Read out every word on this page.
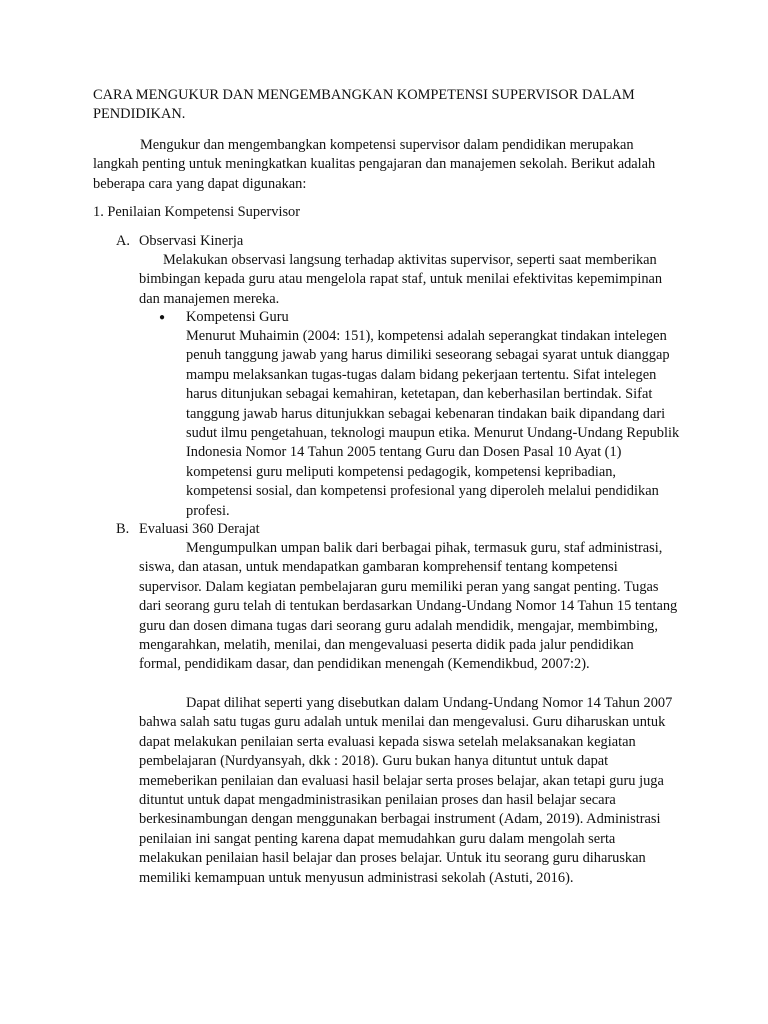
CARA MENGUKUR DAN MENGEMBANGKAN KOMPETENSI SUPERVISOR DALAM PENDIDIKAN.

Mengukur dan mengembangkan kompetensi supervisor dalam pendidikan merupakan langkah penting untuk meningkatkan kualitas pengajaran dan manajemen sekolah. Berikut adalah beberapa cara yang dapat digunakan:

1. Penilaian Kompetensi Supervisor

A. Observasi Kinerja

Melakukan observasi langsung terhadap aktivitas supervisor, seperti saat memberikan bimbingan kepada guru atau mengelola rapat staf, untuk menilai efektivitas kepemimpinan dan manajemen mereka.

● Kompetensi Guru

Menurut Muhaimin (2004: 151), kompetensi adalah seperangkat tindakan intelegen penuh tanggung jawab yang harus dimiliki seseorang sebagai syarat untuk dianggap mampu melaksankan tugas-tugas dalam bidang pekerjaan tertentu. Sifat intelegen harus ditunjukan sebagai kemahiran, ketetapan, dan keberhasilan bertindak. Sifat tanggung jawab harus ditunjukkan sebagai kebenaran tindakan baik dipandang dari sudut ilmu pengetahuan, teknologi maupun etika. Menurut Undang-Undang Republik Indonesia Nomor 14 Tahun 2005 tentang Guru dan Dosen Pasal 10 Ayat (1) kompetensi guru meliputi kompetensi pedagogik, kompetensi kepribadian, kompetensi sosial, dan kompetensi profesional yang diperoleh melalui pendidikan profesi.

B. Evaluasi 360 Derajat

Mengumpulkan umpan balik dari berbagai pihak, termasuk guru, staf administrasi, siswa, dan atasan, untuk mendapatkan gambaran komprehensif tentang kompetensi supervisor. Dalam kegiatan pembelajaran guru memiliki peran yang sangat penting. Tugas dari seorang guru telah di tentukan berdasarkan Undang-Undang Nomor 14 Tahun 15 tentang guru dan dosen dimana tugas dari seorang guru adalah mendidik, mengajar, membimbing, mengarahkan, melatih, menilai, dan mengevaluasi peserta didik pada jalur pendidikan formal, pendidikam dasar, dan pendidikan menengah (Kemendikbud, 2007:2).

Dapat dilihat seperti yang disebutkan dalam Undang-Undang Nomor 14 Tahun 2007 bahwa salah satu tugas guru adalah untuk menilai dan mengevalusi. Guru diharuskan untuk dapat melakukan penilaian serta evaluasi kepada siswa setelah melaksanakan kegiatan pembelajaran (Nurdyansyah, dkk : 2018). Guru bukan hanya dituntut untuk dapat memeberikan penilaian dan evaluasi hasil belajar serta proses belajar, akan tetapi guru juga dituntut untuk dapat mengadministrasikan penilaian proses dan hasil belajar secara berkesinambungan dengan menggunakan berbagai instrument (Adam, 2019). Administrasi penilaian ini sangat penting karena dapat memudahkan guru dalam mengolah serta melakukan penilaian hasil belajar dan proses belajar. Untuk itu seorang guru diharuskan memiliki kemampuan untuk menyusun administrasi sekolah (Astuti, 2016).
